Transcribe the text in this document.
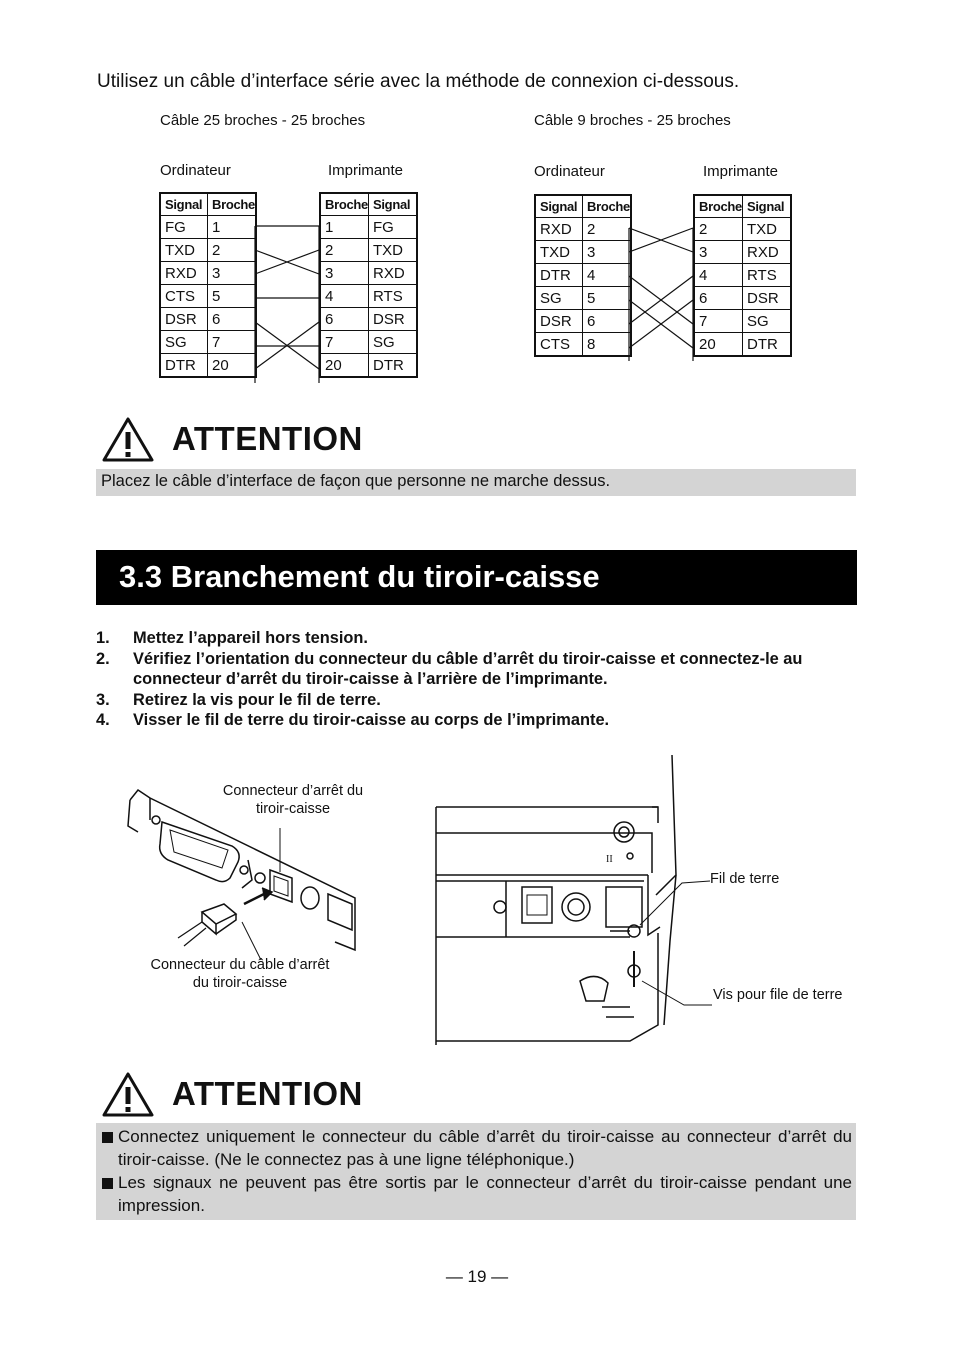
Utilisez un câble d’interface série avec la méthode de connexion ci-dessous.
Câble 25 broches - 25 broches
Ordinateur	Imprimante
Signal	Broche
FG	1
TXD	2
RXD	3
CTS	5
DSR	6
SG	7
DTR	20
Broche	Signal
1	FG
2	TXD
3	RXD
4	RTS
6	DSR
7	SG
20	DTR
Câble 9 broches - 25 broches
Ordinateur	Imprimante
Signal	Broche
RXD	2
TXD	3
DTR	4
SG	5
DSR	6
CTS	8
Broche	Signal
2	TXD
3	RXD
4	RTS
6	DSR
7	SG
20	DTR
ATTENTION
Placez le câble d’interface de façon que personne ne marche dessus.
3.3 Branchement du tiroir-caisse
1. Mettez l’appareil hors tension.
2. Vérifiez l’orientation du connecteur du câble d’arrêt du tiroir-caisse et connectez-le au connecteur d’arrêt du tiroir-caisse à l’arrière de l’imprimante.
3. Retirez la vis pour le fil de terre.
4. Visser le fil de terre du tiroir-caisse au corps de l’imprimante.
Connecteur d’arrêt du tiroir-caisse
Connecteur du câble d’arrêt du tiroir-caisse
II
Fil de terre
Vis pour file de terre
ATTENTION
Connectez uniquement le connecteur du câble d’arrêt du tiroir-caisse au connecteur d’arrêt du tiroir-caisse. (Ne le connectez pas à une ligne téléphonique.)
Les signaux ne peuvent pas être sortis par le connecteur d’arrêt du tiroir-caisse pendant une impression.
— 19 —
